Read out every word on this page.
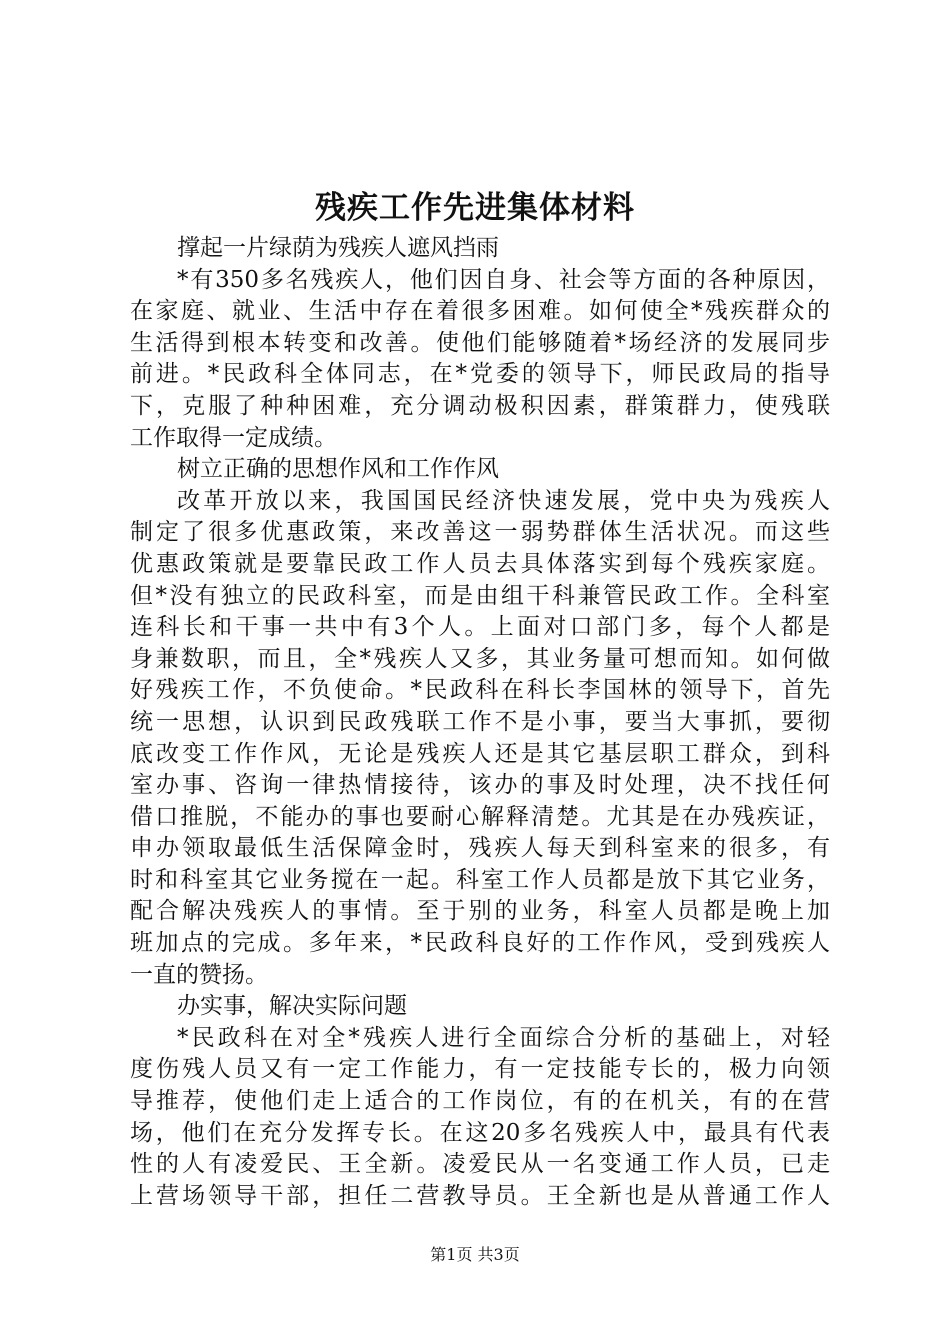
残疾工作先进集体材料
撑起一片绿荫为残疾人遮风挡雨
*有350多名残疾人，他们因自身、社会等方面的各种原因，
在家庭、就业、生活中存在着很多困难。如何使全*残疾群众的
生活得到根本转变和改善。使他们能够随着*场经济的发展同步
前进。*民政科全体同志，在*党委的领导下，师民政局的指导
下，克服了种种困难，充分调动极积因素，群策群力，使残联
工作取得一定成绩。
树立正确的思想作风和工作作风
改革开放以来，我国国民经济快速发展，党中央为残疾人
制定了很多优惠政策，来改善这一弱势群体生活状况。而这些
优惠政策就是要靠民政工作人员去具体落实到每个残疾家庭。
但*没有独立的民政科室，而是由组干科兼管民政工作。全科室
连科长和干事一共中有3个人。上面对口部门多，每个人都是
身兼数职，而且，全*残疾人又多，其业务量可想而知。如何做
好残疾工作，不负使命。*民政科在科长李国林的领导下，首先
统一思想，认识到民政残联工作不是小事，要当大事抓，要彻
底改变工作作风，无论是残疾人还是其它基层职工群众，到科
室办事、咨询一律热情接待，该办的事及时处理，决不找任何
借口推脱，不能办的事也要耐心解释清楚。尤其是在办残疾证，
申办领取最低生活保障金时，残疾人每天到科室来的很多，有
时和科室其它业务搅在一起。科室工作人员都是放下其它业务，
配合解决残疾人的事情。至于别的业务，科室人员都是晚上加
班加点的完成。多年来，*民政科良好的工作作风，受到残疾人
一直的赞扬。
办实事，解决实际问题
*民政科在对全*残疾人进行全面综合分析的基础上，对轻
度伤残人员又有一定工作能力，有一定技能专长的，极力向领
导推荐，使他们走上适合的工作岗位，有的在机关，有的在营
场，他们在充分发挥专长。在这20多名残疾人中，最具有代表
性的人有凌爱民、王全新。凌爱民从一名变通工作人员，已走
上营场领导干部，担任二营教导员。王全新也是从普通工作人
第1页 共3页
